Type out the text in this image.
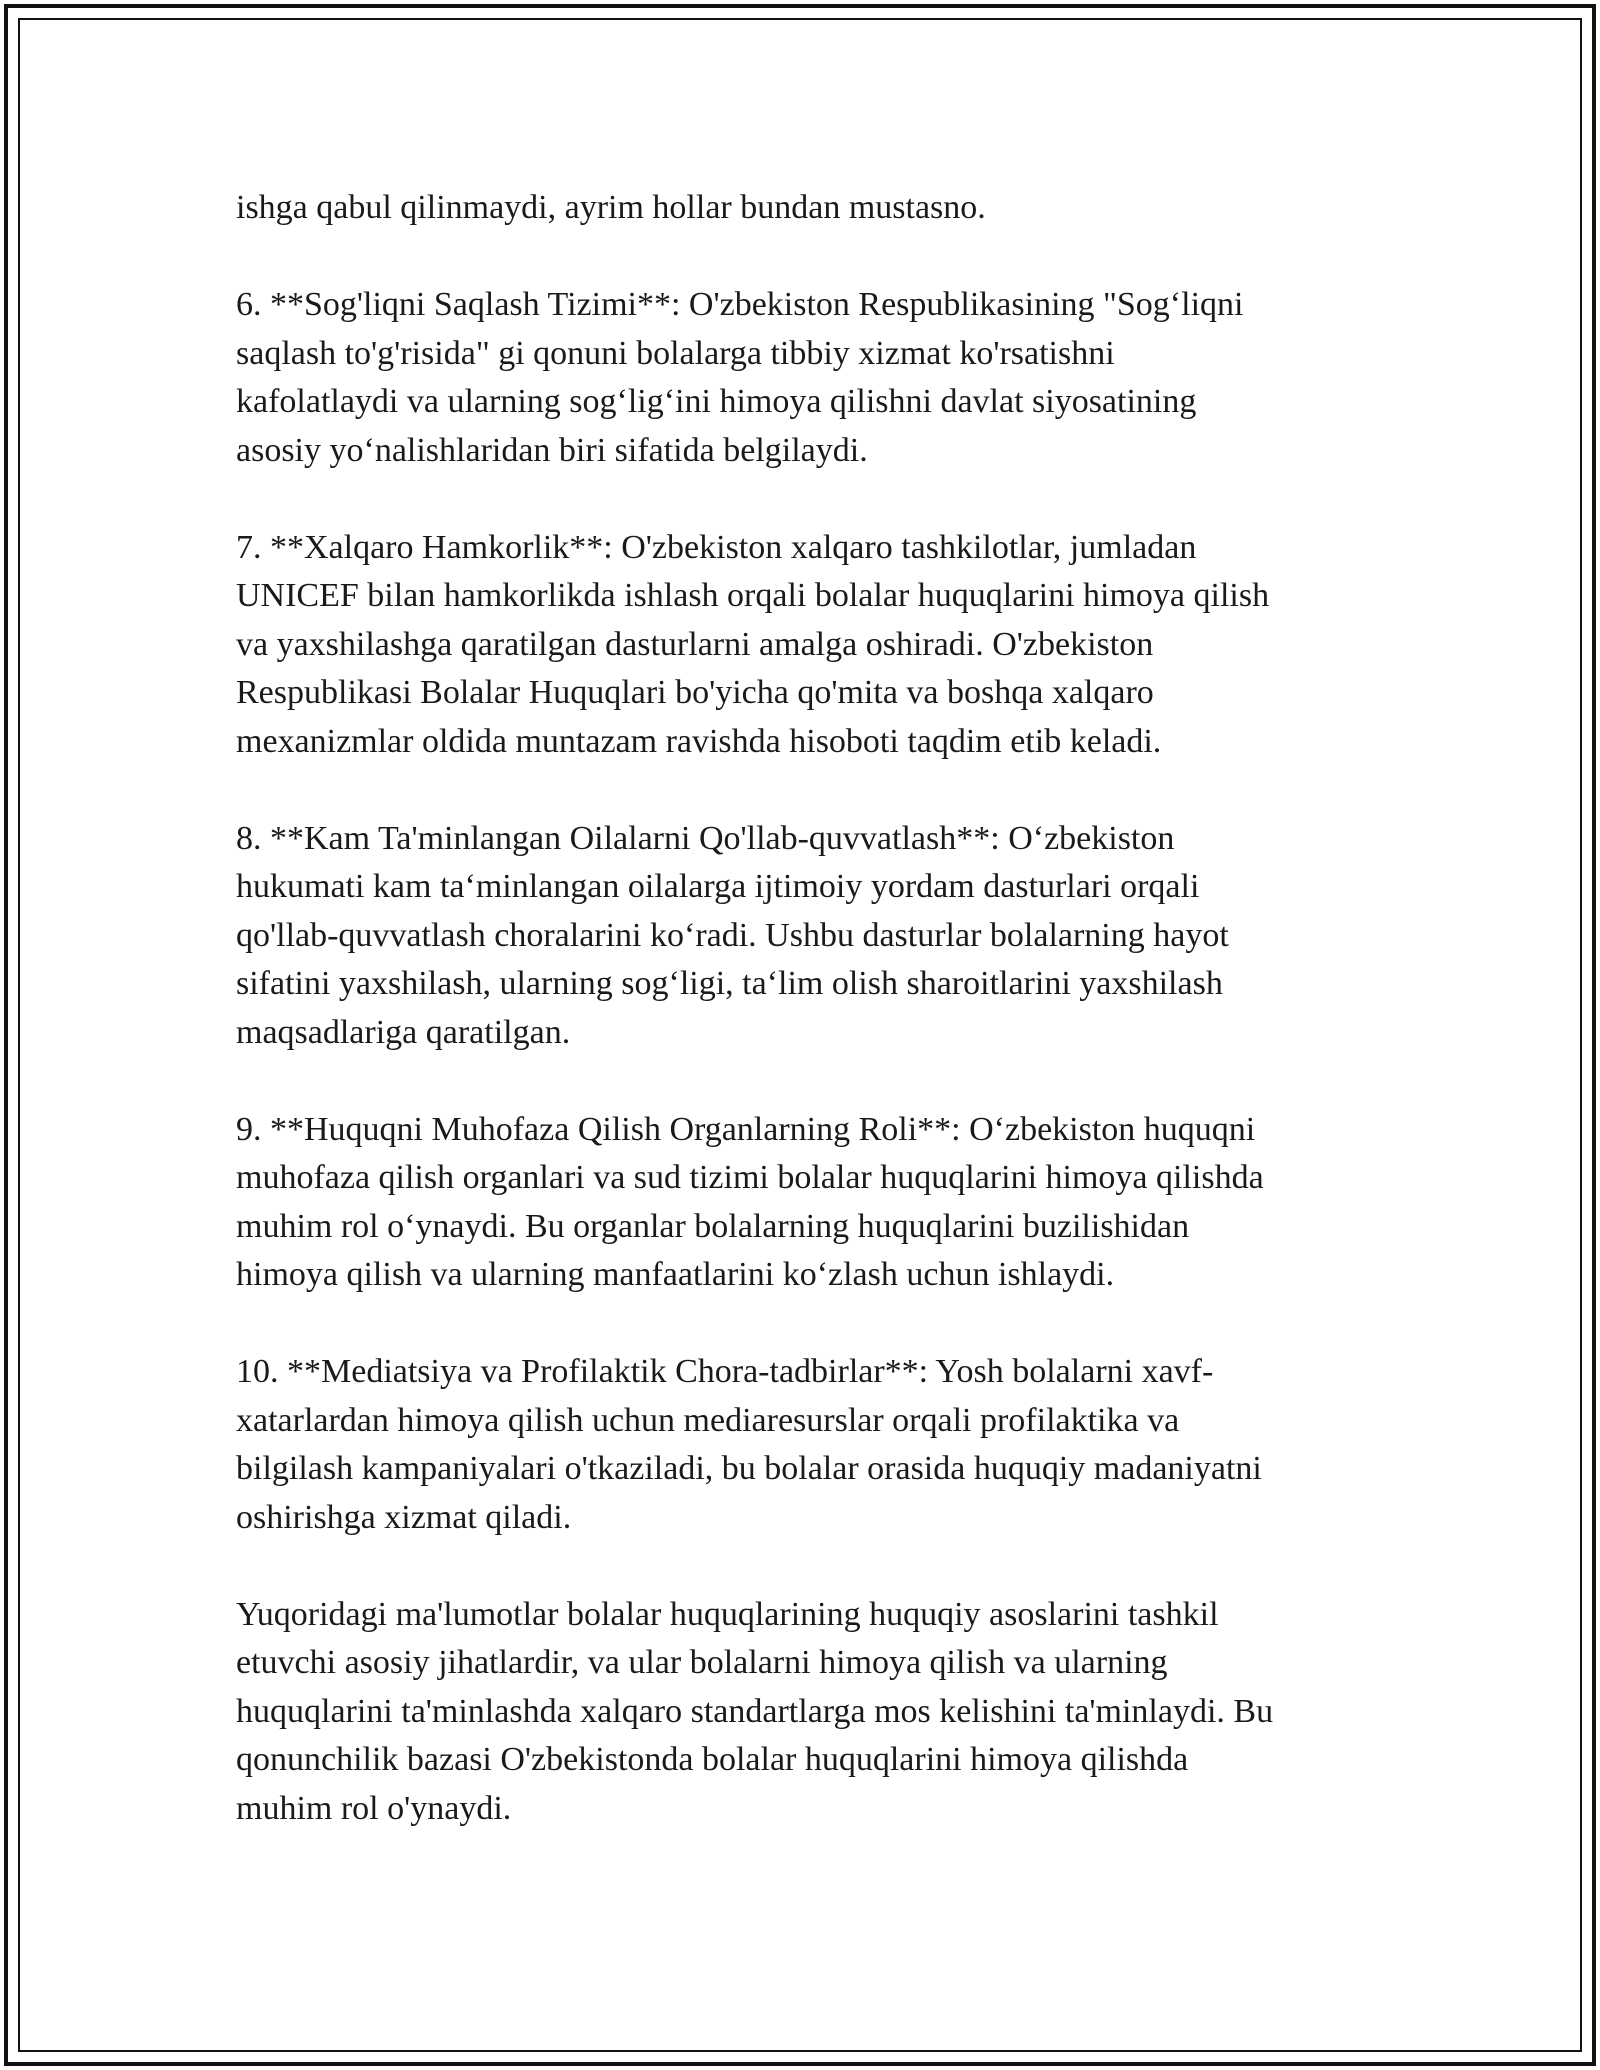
ishga qabul qilinmaydi, ayrim hollar bundan mustasno.

6. **Sog'liqni Saqlash Tizimi**: O'zbekiston Respublikasining "Sog‘liqni
saqlash to'g'risida" gi qonuni bolalarga tibbiy xizmat ko'rsatishni
kafolatlaydi va ularning sog‘lig‘ini himoya qilishni davlat siyosatining
asosiy yo‘nalishlaridan biri sifatida belgilaydi.

7. **Xalqaro Hamkorlik**: O'zbekiston xalqaro tashkilotlar, jumladan
UNICEF bilan hamkorlikda ishlash orqali bolalar huquqlarini himoya qilish
va yaxshilashga qaratilgan dasturlarni amalga oshiradi. O'zbekiston
Respublikasi Bolalar Huquqlari bo'yicha qo'mita va boshqa xalqaro
mexanizmlar oldida muntazam ravishda hisoboti taqdim etib keladi.

8. **Kam Ta'minlangan Oilalarni Qo'llab-quvvatlash**: O‘zbekiston
hukumati kam ta‘minlangan oilalarga ijtimoiy yordam dasturlari orqali
qo'llab-quvvatlash choralarini ko‘radi. Ushbu dasturlar bolalarning hayot
sifatini yaxshilash, ularning sog‘ligi, ta‘lim olish sharoitlarini yaxshilash
maqsadlariga qaratilgan.

9. **Huquqni Muhofaza Qilish Organlarning Roli**: O‘zbekiston huquqni
muhofaza qilish organlari va sud tizimi bolalar huquqlarini himoya qilishda
muhim rol o‘ynaydi. Bu organlar bolalarning huquqlarini buzilishidan
himoya qilish va ularning manfaatlarini ko‘zlash uchun ishlaydi.

10. **Mediatsiya va Profilaktik Chora-tadbirlar**: Yosh bolalarni xavf-
xatarlardan himoya qilish uchun mediaresurslar orqali profilaktika va
bilgilash kampaniyalari o'tkaziladi, bu bolalar orasida huquqiy madaniyatni
oshirishga xizmat qiladi.

Yuqoridagi ma'lumotlar bolalar huquqlarining huquqiy asoslarini tashkil
etuvchi asosiy jihatlardir, va ular bolalarni himoya qilish va ularning
huquqlarini ta'minlashda xalqaro standartlarga mos kelishini ta'minlaydi. Bu
qonunchilik bazasi O'zbekistonda bolalar huquqlarini himoya qilishda
muhim rol o'ynaydi.
